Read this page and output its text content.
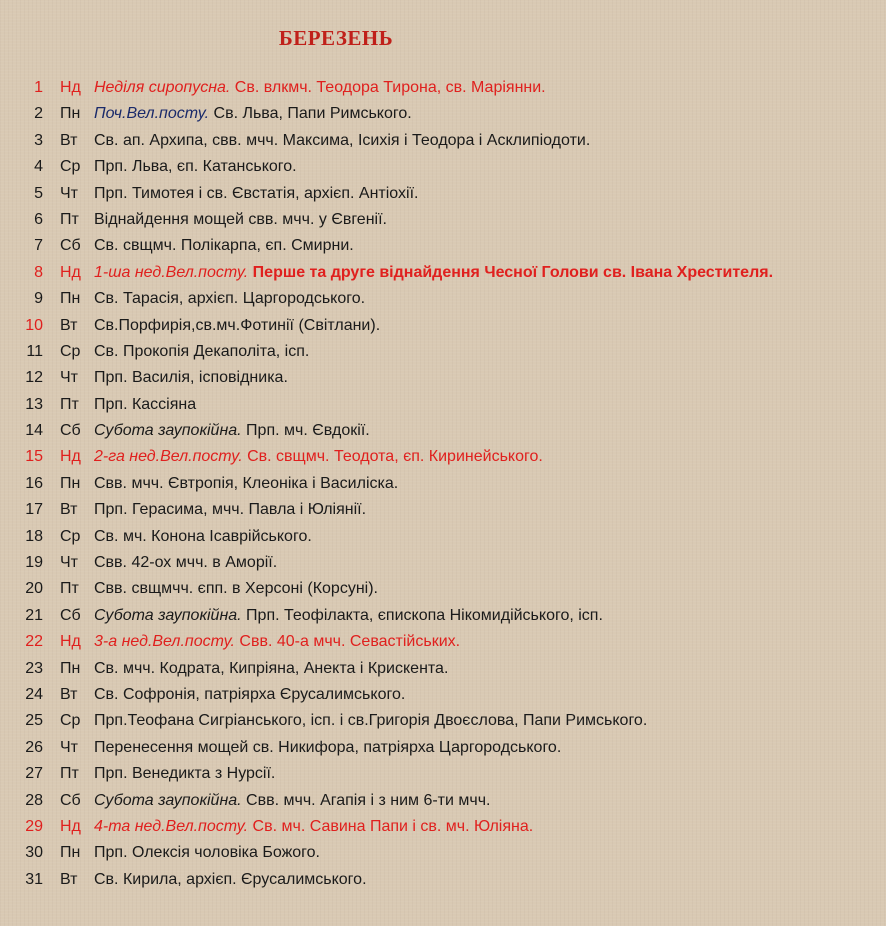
БЕРЕЗЕНЬ
1 Нд Неділя сиропусна. Св. влкмч. Теодора Тирона, св. Маріянни.
2 Пн Поч.Вел.посту. Св. Льва, Папи Римського.
3 Вт Св. ап. Архипа, свв. мчч. Максима, Ісихія і Теодора і Асклипіодоти.
4 Ср Прп. Льва, єп. Катанського.
5 Чт Прп. Тимотея і св. Євстатія, архієп. Антіохії.
6 Пт Віднайдення мощей свв. мчч. у Євгенії.
7 Сб Св. свщмч. Полікарпа, єп. Смирни.
8 Нд 1-ша нед.Вел.посту. Перше та друге віднайдення Чесної Голови св. Івана Хрестителя.
9 Пн Св. Тарасія, архієп. Царгородського.
10 Вт Св.Порфирія,св.мч.Фотинії (Світлани).
11 Ср Св. Прокопія Декаполіта, ісп.
12 Чт Прп. Василія, ісповідника.
13 Пт Прп. Кассіяна
14 Сб Субота заупокійна. Прп. мч. Євдокії.
15 Нд 2-га нед.Вел.посту. Св. свщмч. Теодота, єп. Киринейського.
16 Пн Свв. мчч. Євтропія, Клеоніка і Василіска.
17 Вт Прп. Герасима, мчч. Павла і Юліянії.
18 Ср Св. мч. Конона Ісаврійського.
19 Чт Свв. 42-ох мчч. в Аморії.
20 Пт Свв. свщмчч. єпп. в Херсоні (Корсуні).
21 Сб Субота заупокійна. Прп. Теофілакта, єпископа Нікомидійського, ісп.
22 Нд 3-а нед.Вел.посту. Свв. 40-а мчч. Севастійських.
23 Пн Св. мчч. Кодрата, Кипріяна, Анекта і Крискента.
24 Вт Св. Софронія, патріярха Єрусалимського.
25 Ср Прп.Теофана Сигріанського, ісп. і св.Григорія Двоєслова, Папи Римського.
26 Чт Перенесення мощей св. Никифора, патріярха Царгородського.
27 Пт Прп. Венедикта з Нурсії.
28 Сб Субота заупокійна. Свв. мчч. Агапія і з ним 6-ти мчч.
29 Нд 4-та нед.Вел.посту. Св. мч. Савина Папи і св. мч. Юліяна.
30 Пн Прп. Олексія чоловіка Божого.
31 Вт Св. Кирила, архієп. Єрусалимського.
